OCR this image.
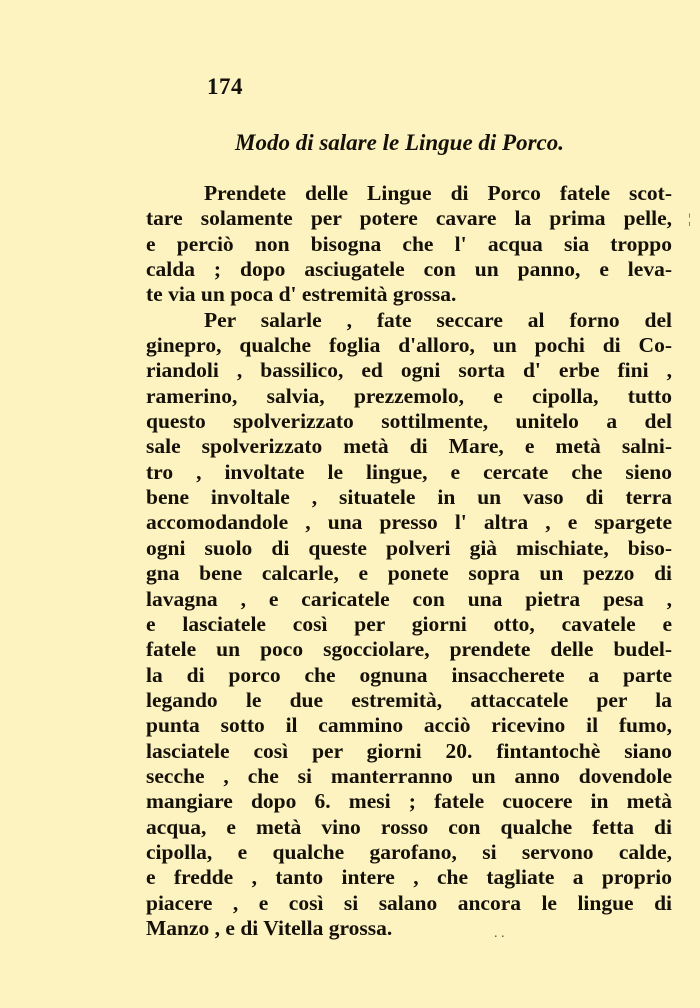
174
Modo di salare le Lingue di Porco.
Prendete delle Lingue di Porco fatele scot-
tare solamente per potere cavare la prima pelle,
e perciò non bisogna che l' acqua sia troppo
calda ; dopo asciugatele con un panno, e leva-
te via un poca d' estremità grossa.
Per salarle , fate seccare al forno del
ginepro, qualche foglia d'alloro, un pochi di Co-
riandoli , bassilico, ed ogni sorta d' erbe fini ,
ramerino, salvia, prezzemolo, e cipolla, tutto
questo spolverizzato sottilmente, unitelo a del
sale spolverizzato metà di Mare, e metà salni-
tro , involtate le lingue, e cercate che sieno
bene involtale , situatele in un vaso di terra
accomodandole , una presso l' altra , e spargete
ogni suolo di queste polveri già mischiate, biso-
gna bene calcarle, e ponete sopra un pezzo di
lavagna , e caricatele con una pietra pesa ,
e lasciatele così per giorni otto, cavatele e
fatele un poco sgocciolare, prendete delle budel-
la di porco che ognuna insaccherete a parte
legando le due estremità, attaccatele per la
punta sotto il cammino acciò ricevino il fumo,
lasciatele così per giorni 20. fintantochè siano
secche , che si manterranno un anno dovendole
mangiare dopo 6. mesi ; fatele cuocere in metà
acqua, e metà vino rosso con qualche fetta di
cipolla, e qualche garofano, si servono calde,
e fredde , tanto intere , che tagliate a proprio
piacere , e così si salano ancora le lingue di
Manzo , e di Vitella grossa.
¦
. .
